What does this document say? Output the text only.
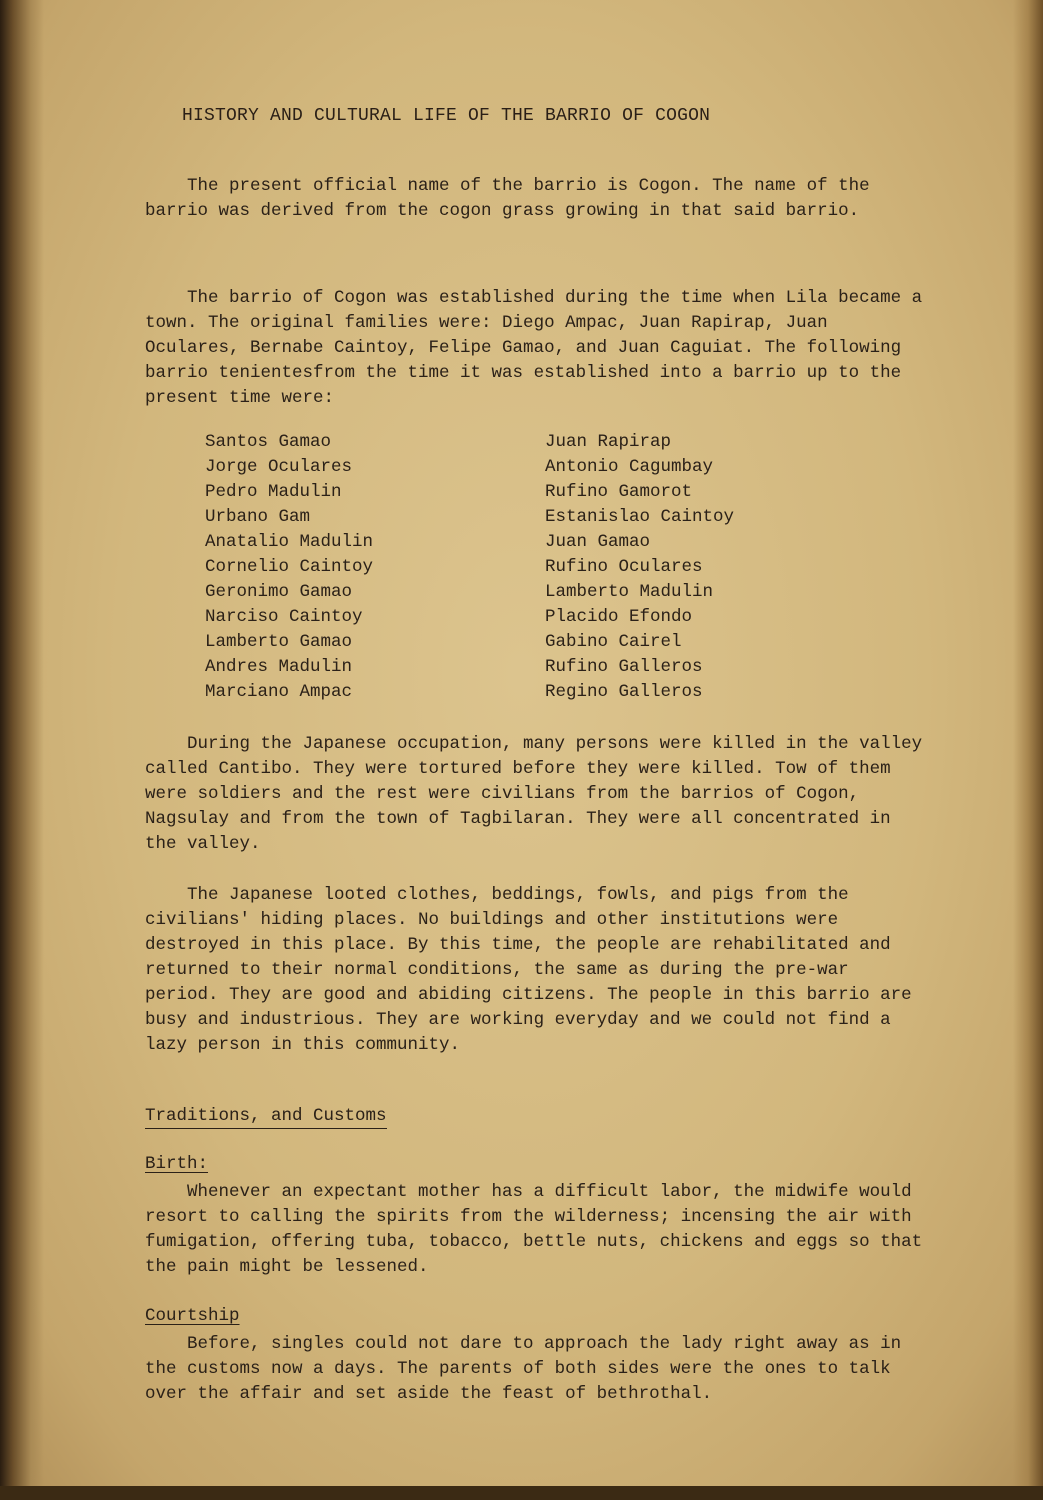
HISTORY AND CULTURAL LIFE OF THE BARRIO OF COGON

The present official name of the barrio is Cogon. The name of the barrio was derived from the cogon grass growing in that said barrio.

The barrio of Cogon was established during the time when Lila became a town. The original families were: Diego Ampac, Juan Rapirap, Juan Oculares, Bernabe Caintoy, Felipe Gamao, and Juan Caguiat. The following barrio tenientesfrom the time it was established into a barrio up to the present time were:

Santos Gamao
Jorge Oculares
Pedro Madulin
Urbano Gam
Anatalio Madulin
Cornelio Caintoy
Geronimo Gamao
Narciso Caintoy
Lamberto Gamao
Andres Madulin
Marciano Ampac
Juan Rapirap
Antonio Cagumbay
Rufino Gamorot
Estanislao Caintoy
Juan Gamao
Rufino Oculares
Lamberto Madulin
Placido Efondo
Gabino Cairel
Rufino Galleros
Regino Galleros

During the Japanese occupation, many persons were killed in the valley called Cantibo. They were tortured before they were killed. Tow of them were soldiers and the rest were civilians from the barrios of Cogon, Nagsulay and from the town of Tagbilaran. They were all concentrated in the valley.

The Japanese looted clothes, beddings, fowls, and pigs from the civilians' hiding places. No buildings and other institutions were destroyed in this place. By this time, the people are rehabilitated and returned to their normal conditions, the same as during the pre-war period. They are good and abiding citizens. The people in this barrio are busy and industrious. They are working everyday and we could not find a lazy person in this community.

Traditions, and Customs
Birth:

Whenever an expectant mother has a difficult labor, the midwife would resort to calling the spirits from the wilderness; incensing the air with fumigation, offering tuba, tobacco, bettle nuts, chickens and eggs so that the pain might be lessened.

Courtship

Before, singles could not dare to approach the lady right away as in the customs now a days. The parents of both sides were the ones to talk over the affair and set aside the feast of bethrothal.
